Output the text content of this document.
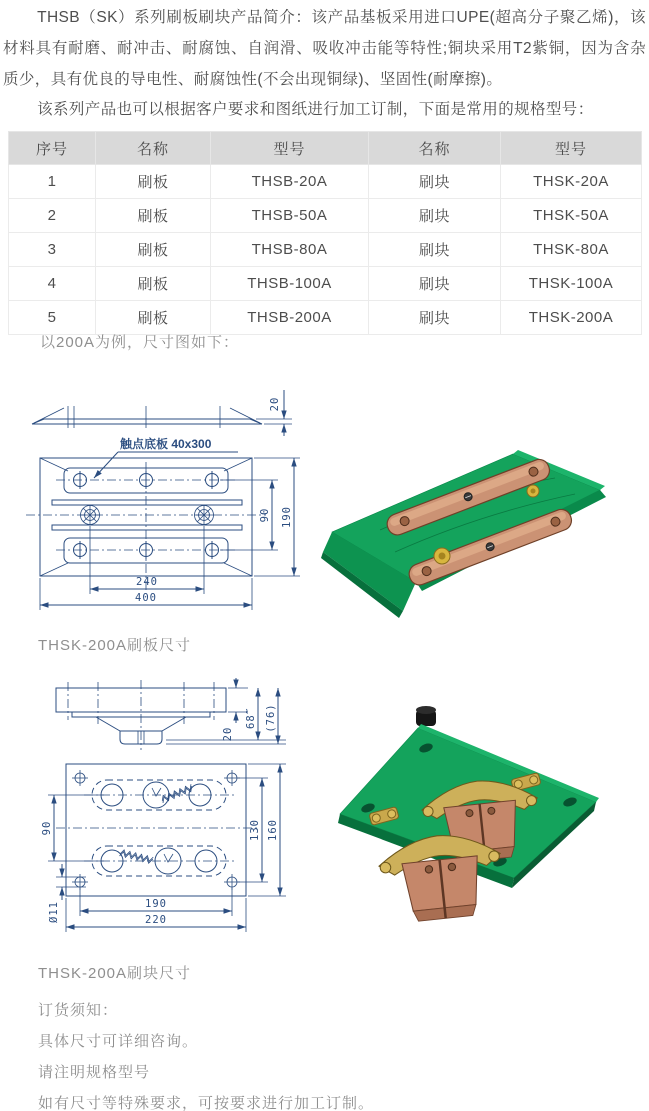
THSB（SK）系列刷板刷块产品简介：该产品基板采用进口UPE(超高分子聚乙烯)，该材料具有耐磨、耐冲击、耐腐蚀、自润滑、吸收冲击能等特性;铜块采用T2紫铜，因为含杂质少，具有优良的导电性、耐腐蚀性(不会出现铜绿)、坚固性(耐摩擦)。
该系列产品也可以根据客户要求和图纸进行加工订制，下面是常用的规格型号：
序号	名称	型号	名称	型号
1	刷板	THSB-20A	刷块	THSK-20A
2	刷板	THSB-50A	刷块	THSK-50A
3	刷板	THSB-80A	刷块	THSK-80A
4	刷板	THSB-100A	刷块	THSK-100A
5	刷板	THSB-200A	刷块	THSK-200A
以200A为例，尺寸图如下：
20
触点底板 40x300
90 190
240
400
THSK-200A刷板尺寸
20
68‴ (76)
90	130 160
Ø11	190
220
THSK-200A刷块尺寸
订货须知：
具体尺寸可详细咨询。
请注明规格型号
如有尺寸等特殊要求，可按要求进行加工订制。
